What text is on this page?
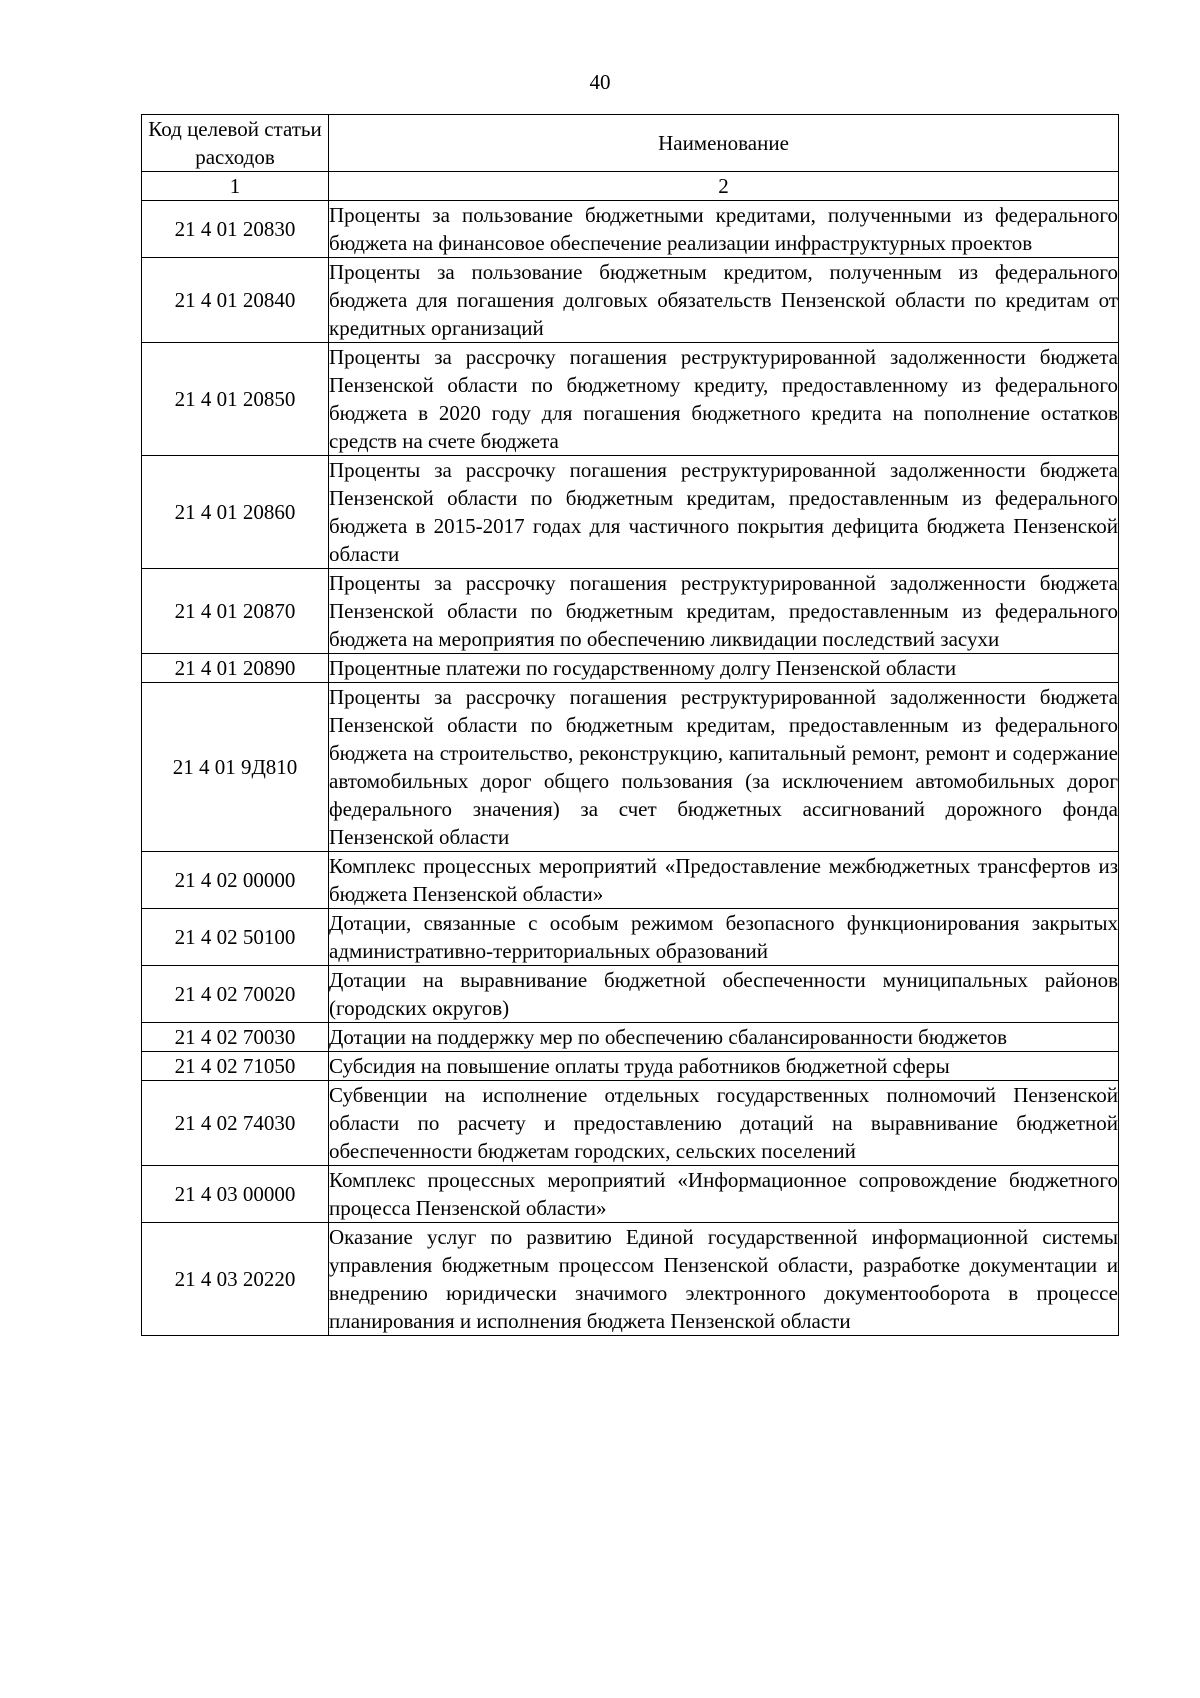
40
Код целевой статьи расходов	Наименование
1	2
21 4 01 20830	Проценты за пользование бюджетными кредитами, полученными из федерального бюджета на финансовое обеспечение реализации инфраструктурных проектов
21 4 01 20840	Проценты за пользование бюджетным кредитом, полученным из федерального бюджета для погашения долговых обязательств Пензенской области по кредитам от кредитных организаций
21 4 01 20850	Проценты за рассрочку погашения реструктурированной задолженности бюджета Пензенской области по бюджетному кредиту, предоставленному из федерального бюджета в 2020 году для погашения бюджетного кредита на пополнение остатков средств на счете бюджета
21 4 01 20860	Проценты за рассрочку погашения реструктурированной задолженности бюджета Пензенской области по бюджетным кредитам, предоставленным из федерального бюджета в 2015-2017 годах для частичного покрытия дефицита бюджета Пензенской области
21 4 01 20870	Проценты за рассрочку погашения реструктурированной задолженности бюджета Пензенской области по бюджетным кредитам, предоставленным из федерального бюджета на мероприятия по обеспечению ликвидации последствий засухи
21 4 01 20890	Процентные платежи по государственному долгу Пензенской области
21 4 01 9Д810	Проценты за рассрочку погашения реструктурированной задолженности бюджета Пензенской области по бюджетным кредитам, предоставленным из федерального бюджета на строительство, реконструкцию, капитальный ремонт, ремонт и содержание автомобильных дорог общего пользования (за исключением автомобильных дорог федерального значения) за счет бюджетных ассигнований дорожного фонда Пензенской области
21 4 02 00000	Комплекс процессных мероприятий «Предоставление межбюджетных трансфертов из бюджета Пензенской области»
21 4 02 50100	Дотации, связанные с особым режимом безопасного функционирования закрытых административно-территориальных образований
21 4 02 70020	Дотации на выравнивание бюджетной обеспеченности муниципальных районов (городских округов)
21 4 02 70030	Дотации на поддержку мер по обеспечению сбалансированности бюджетов
21 4 02 71050	Субсидия на повышение оплаты труда работников бюджетной сферы
21 4 02 74030	Субвенции на исполнение отдельных государственных полномочий Пензенской области по расчету и предоставлению дотаций на выравнивание бюджетной обеспеченности бюджетам городских, сельских поселений
21 4 03 00000	Комплекс процессных мероприятий «Информационное сопровождение бюджетного процесса Пензенской области»
21 4 03 20220	Оказание услуг по развитию Единой государственной информационной системы управления бюджетным процессом Пензенской области, разработке документации и внедрению юридически значимого электронного документооборота в процессе планирования и исполнения бюджета Пензенской области
